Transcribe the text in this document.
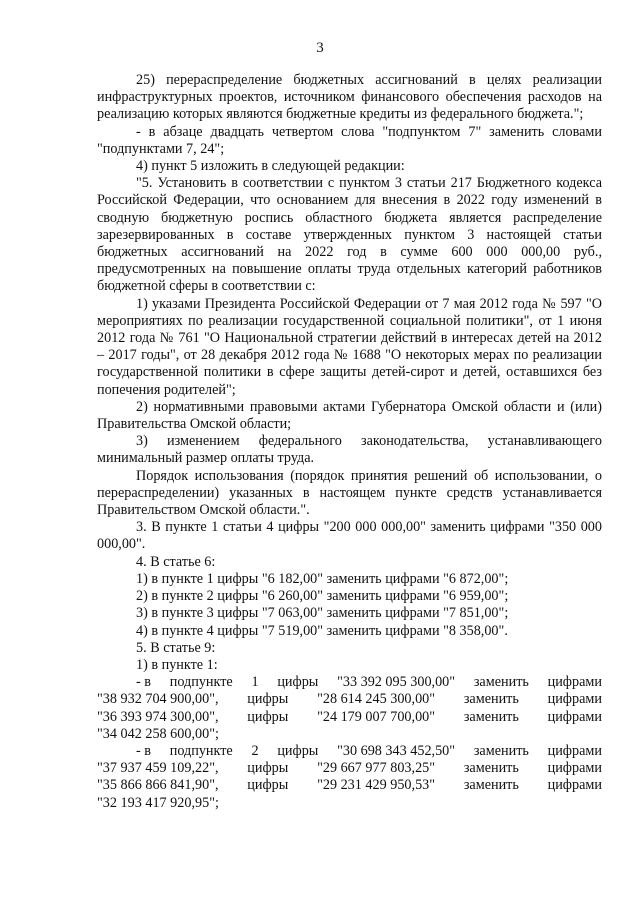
3

25) перераспределение бюджетных ассигнований в целях реализации инфраструктурных проектов, источником финансового обеспечения расходов на реализацию которых являются бюджетные кредиты из федерального бюджета.";

- в абзаце двадцать четвертом слова "подпунктом 7" заменить словами "подпунктами 7, 24";

4) пункт 5 изложить в следующей редакции:

"5. Установить в соответствии с пунктом 3 статьи 217 Бюджетного кодекса Российской Федерации, что основанием для внесения в 2022 году изменений в сводную бюджетную роспись областного бюджета является распределение зарезервированных в составе утвержденных пунктом 3 настоящей статьи бюджетных ассигнований на 2022 год в сумме 600 000 000,00 руб., предусмотренных на повышение оплаты труда отдельных категорий работников бюджетной сферы в соответствии с:

1) указами Президента Российской Федерации от 7 мая 2012 года № 597 "О мероприятиях по реализации государственной социальной политики", от 1 июня 2012 года № 761 "О Национальной стратегии действий в интересах детей на 2012 – 2017 годы", от 28 декабря 2012 года № 1688 "О некоторых мерах по реализации государственной политики в сфере защиты детей-сирот и детей, оставшихся без попечения родителей";

2) нормативными правовыми актами Губернатора Омской области и (или) Правительства Омской области;

3) изменением федерального законодательства, устанавливающего минимальный размер оплаты труда.

Порядок использования (порядок принятия решений об использовании, о перераспределении) указанных в настоящем пункте средств устанавливается Правительством Омской области.".

3. В пункте 1 статьи 4 цифры "200 000 000,00" заменить цифрами "350 000 000,00".

4. В статье 6:

1) в пункте 1 цифры "6 182,00" заменить цифрами "6 872,00";

2) в пункте 2 цифры "6 260,00" заменить цифрами "6 959,00";

3) в пункте 3 цифры "7 063,00" заменить цифрами "7 851,00";

4) в пункте 4 цифры "7 519,00" заменить цифрами "8 358,00".

5. В статье 9:

1) в пункте 1:

- в подпункте 1 цифры "33 392 095 300,00" заменить цифрами
"38 932 704 900,00", цифры "28 614 245 300,00" заменить цифрами
"36 393 974 300,00", цифры "24 179 007 700,00" заменить цифрами

"34 042 258 600,00";

- в подпункте 2 цифры "30 698 343 452,50" заменить цифрами
"37 937 459 109,22", цифры "29 667 977 803,25" заменить цифрами
"35 866 866 841,90", цифры "29 231 429 950,53" заменить цифрами

"32 193 417 920,95";
